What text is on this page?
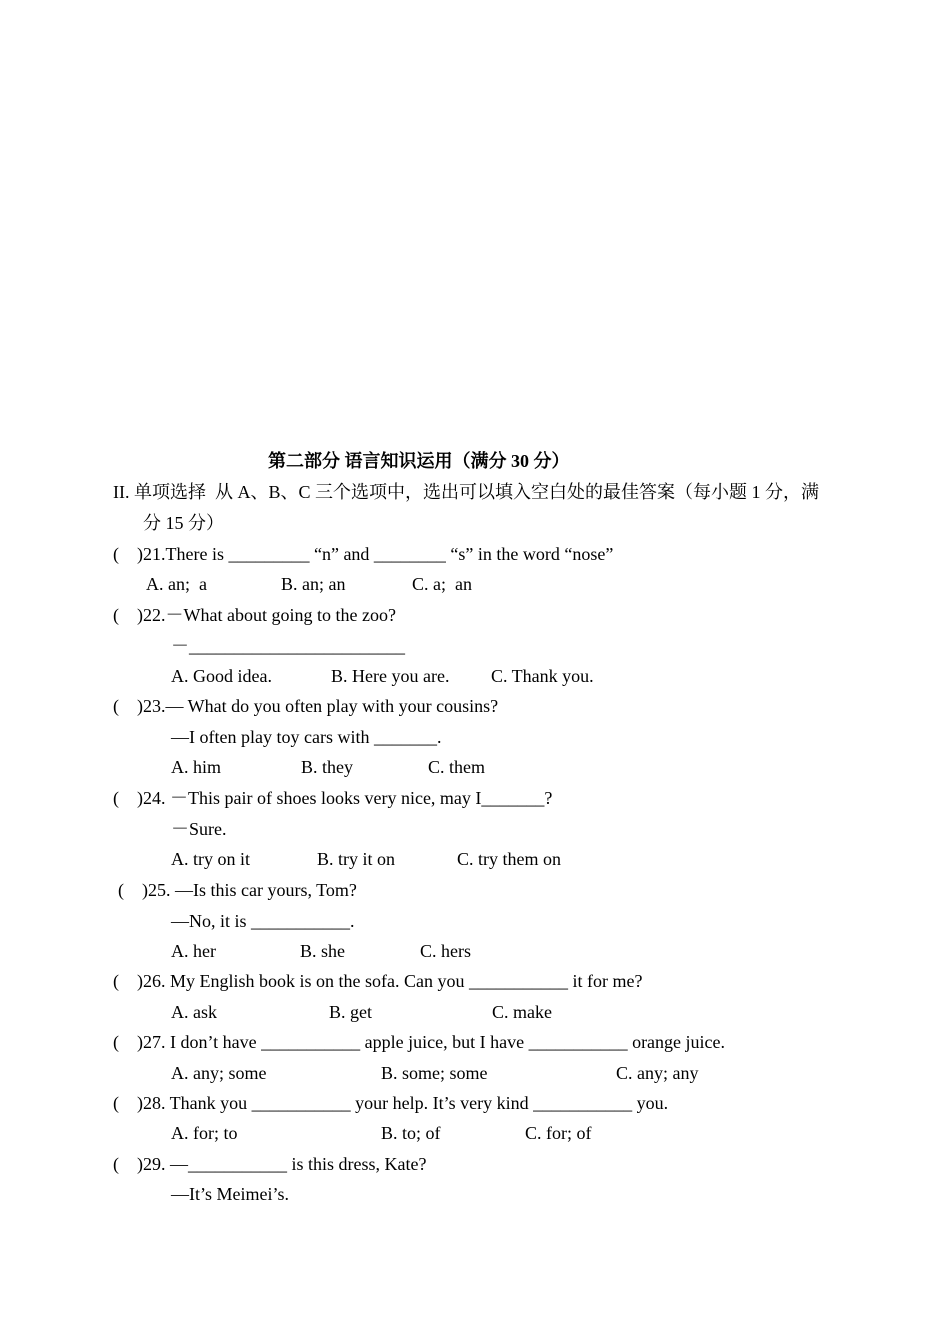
第二部分 语言知识运用（满分 30 分）
II. 单项选择  从 A、B、C 三个选项中，选出可以填入空白处的最佳答案（每小题 1 分，满
分 15 分）
(    )21.There is _________ “n” and ________ “s” in the word “nose”
A. an;  a	B. an; an	C. a;  an
(    )22.－What about going to the zoo?
－________________________
A. Good idea.	B. Here you are. C. Thank you.
(    )23.— What do you often play with your cousins?
—I often play toy cars with _______.
A. him	B. they	C. them
(    )24. －This pair of shoes looks very nice, may I_______?
－Sure.
A. try on it	B. try it on	C. try them on
(    )25. —Is this car yours, Tom?
—No, it is ___________.
A. her	B. she	C. hers
(    )26. My English book is on the sofa. Can you ___________ it for me?
A. ask	B. get	C. make
(    )27. I don’t have ___________ apple juice, but I have ___________ orange juice.
A. any; some	B. some; some	C. any; any
(    )28. Thank you ___________ your help. It’s very kind ___________ you.
A. for; to	B. to; of	C. for; of
(    )29. —___________ is this dress, Kate?
—It’s Meimei’s.
